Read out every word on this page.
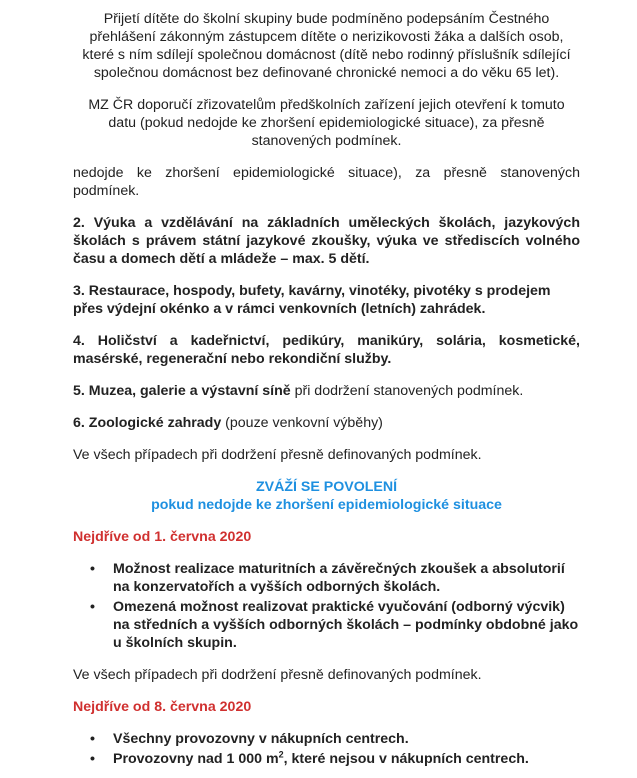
Přijetí dítěte do školní skupiny bude podmíněno podepsáním Čestného přehlášení zákonným zástupcem dítěte o nerizikovosti žáka a dalších osob, které s ním sdílejí společnou domácnost (dítě nebo rodinný příslušník sdílející společnou domácnost bez definované chronické nemoci a do věku 65 let).

MZ ČR doporučí zřizovatelům předškolních zařízení jejich otevření k tomuto datu (pokud nedojde ke zhoršení epidemiologické situace), za přesně stanovených podmínek.

nedojde ke zhoršení epidemiologické situace), za přesně stanovených podmínek.

2. Výuka a vzdělávání na základních uměleckých školách, jazykových školách s právem státní jazykové zkoušky, výuka ve střediscích volného času a domech dětí a mládeže – max. 5 dětí.

3. Restaurace, hospody, bufety, kavárny, vinotéky, pivotéky s prodejem přes výdejní okénko a v rámci venkovních (letních) zahrádek.

4. Holičství a kadeřnictví, pedikúry, manikúry, solária, kosmetické, masérské, regenerační nebo rekondiční služby.

5. Muzea, galerie a výstavní síně při dodržení stanovených podmínek.

6. Zoologické zahrady (pouze venkovní výběhy)

Ve všech případech při dodržení přesně definovaných podmínek.

ZVÁŽÍ SE POVOLENÍ

pokud nedojde ke zhoršení epidemiologické situace

Nejdříve od 1. června 2020

• Možnost realizace maturitních a závěrečných zkoušek a absolutorií na konzervatořích a vyšších odborných školách.
• Omezená možnost realizovat praktické vyučování (odborný výcvik) na středních a vyšších odborných školách – podmínky obdobné jako u školních skupin.

Ve všech případech při dodržení přesně definovaných podmínek.

Nejdříve od 8. června 2020

• Všechny provozovny v nákupních centrech.
• Provozovny nad 1 000 $m^2$, které nejsou v nákupních centrech.
